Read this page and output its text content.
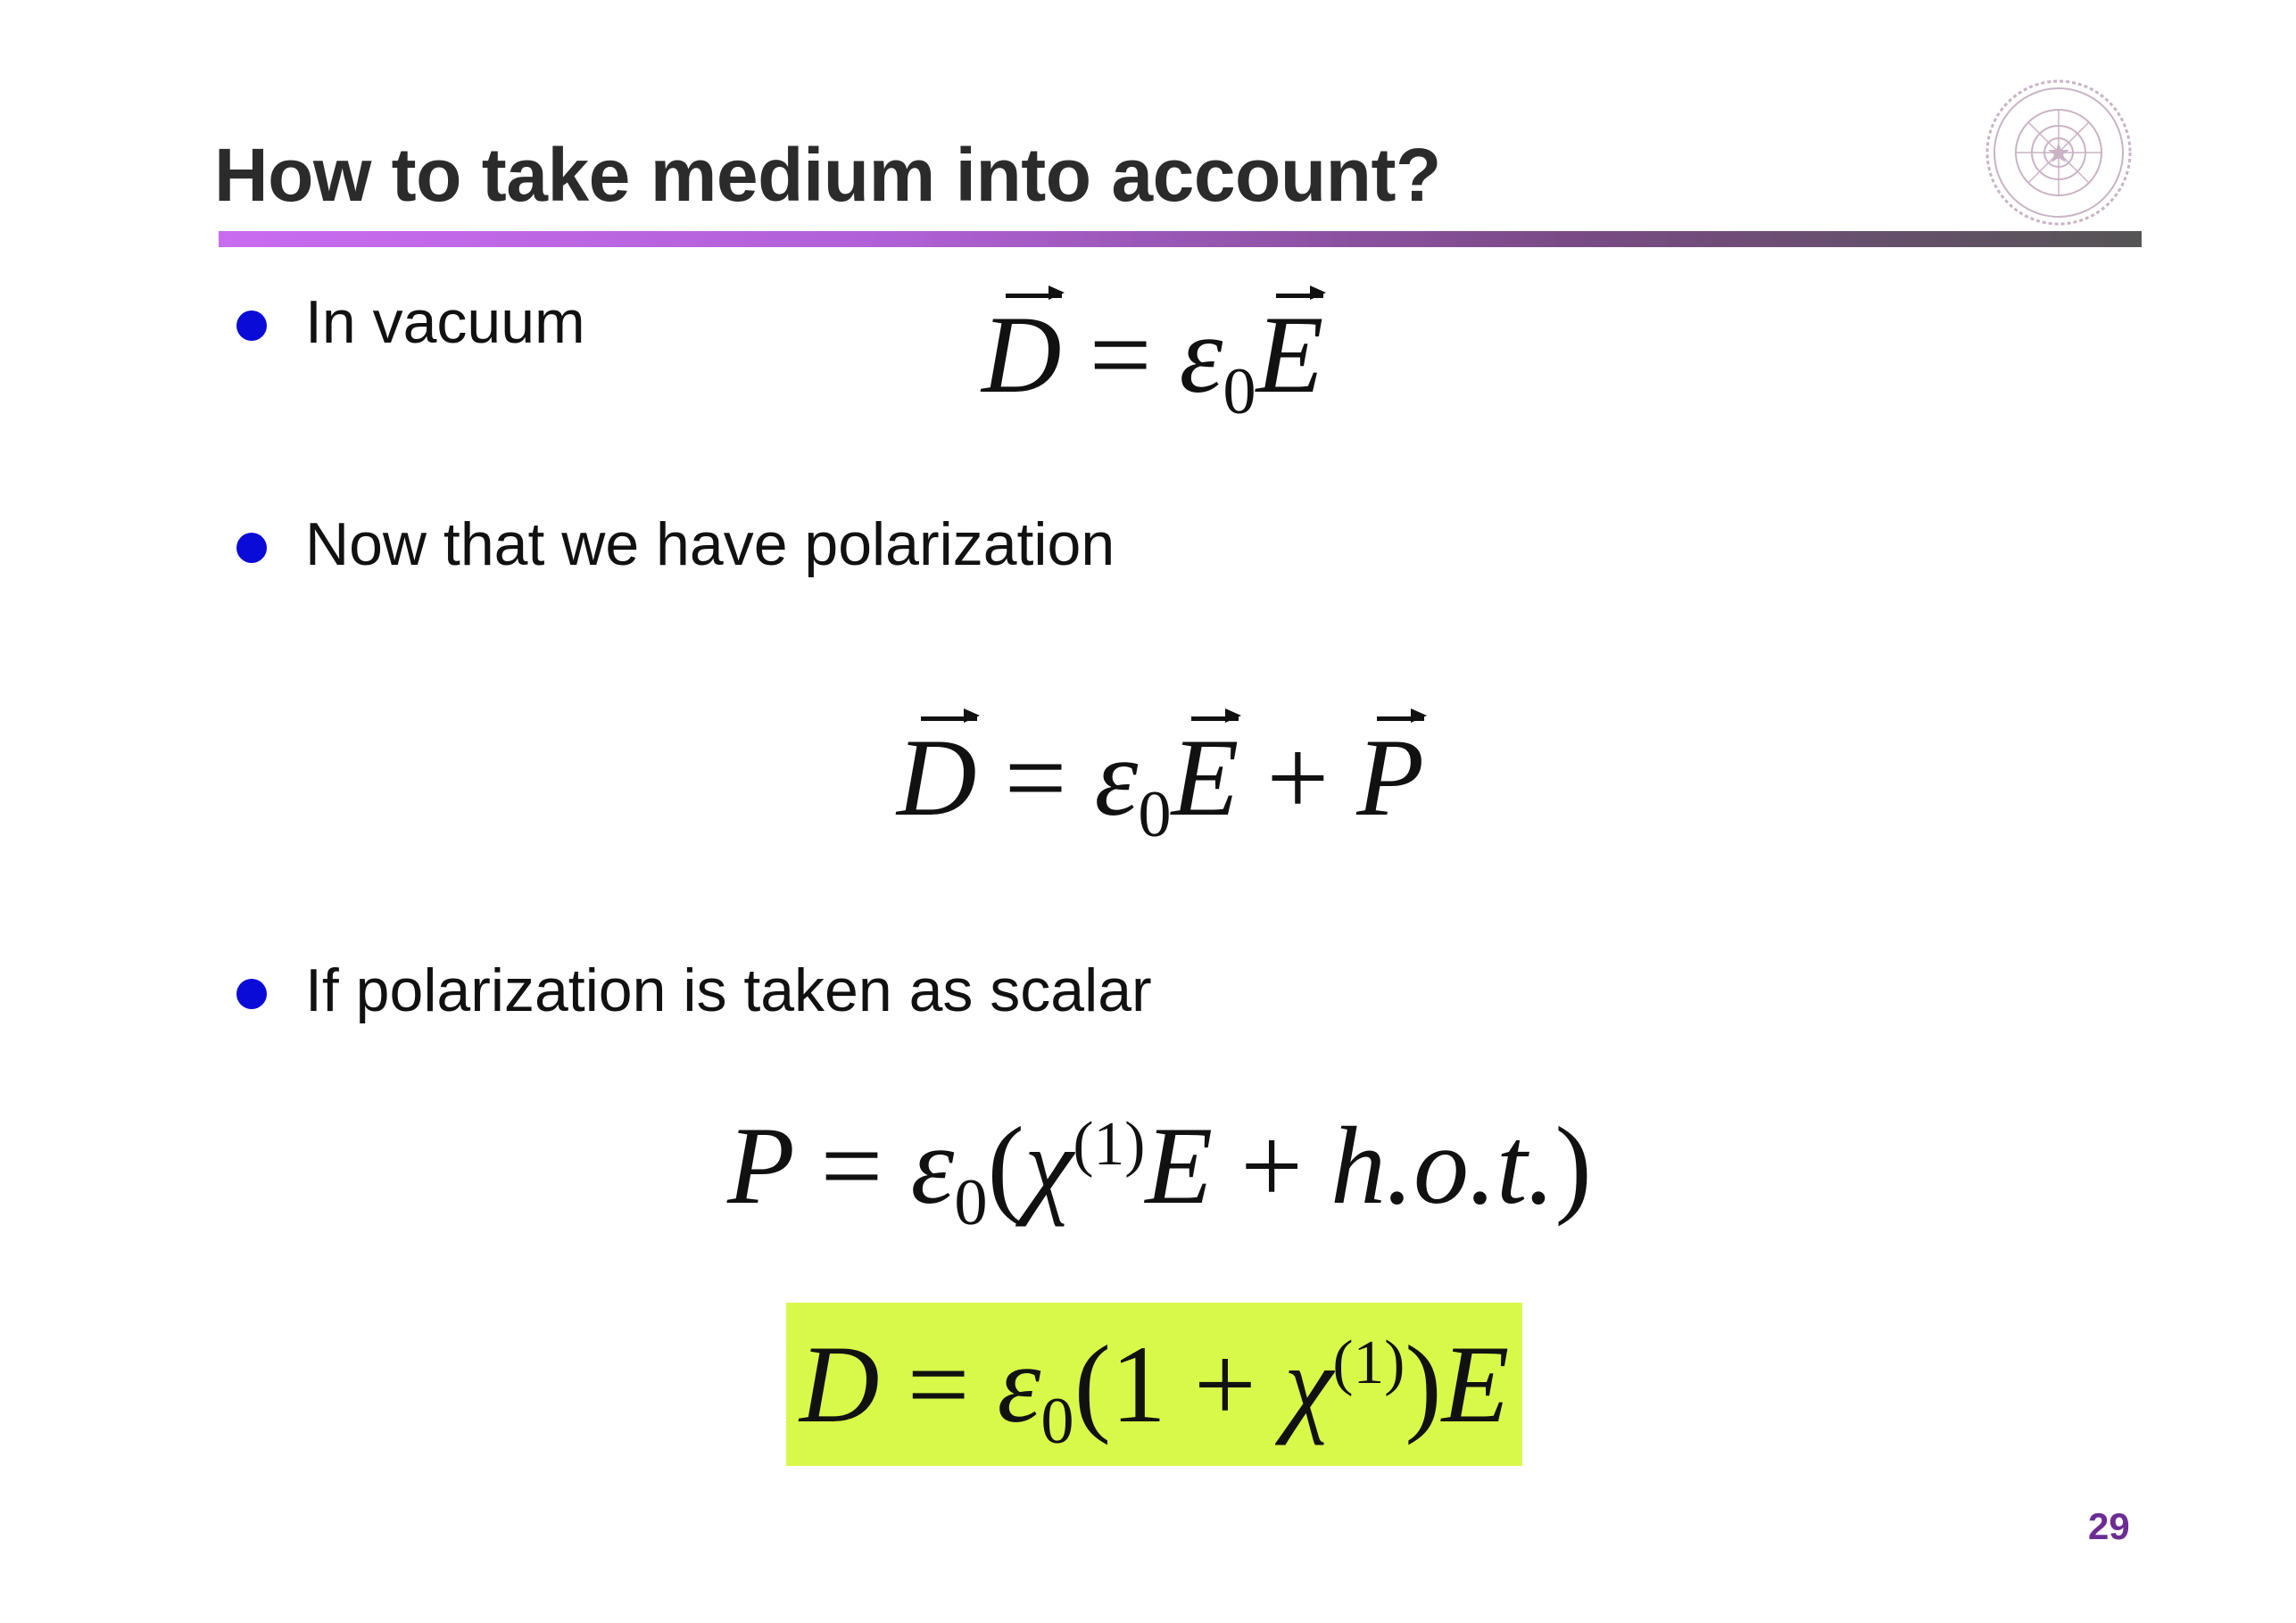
How to take medium into account?
In vacuum
Now that we have polarization
If polarization is taken as scalar
D = ε0E
D = ε0E + P
$P = \varepsilon 0(\chi^{(1)}E + h.o.t.)$
$D = \varepsilon 0(1 + \chi^{(1)})E$
29
